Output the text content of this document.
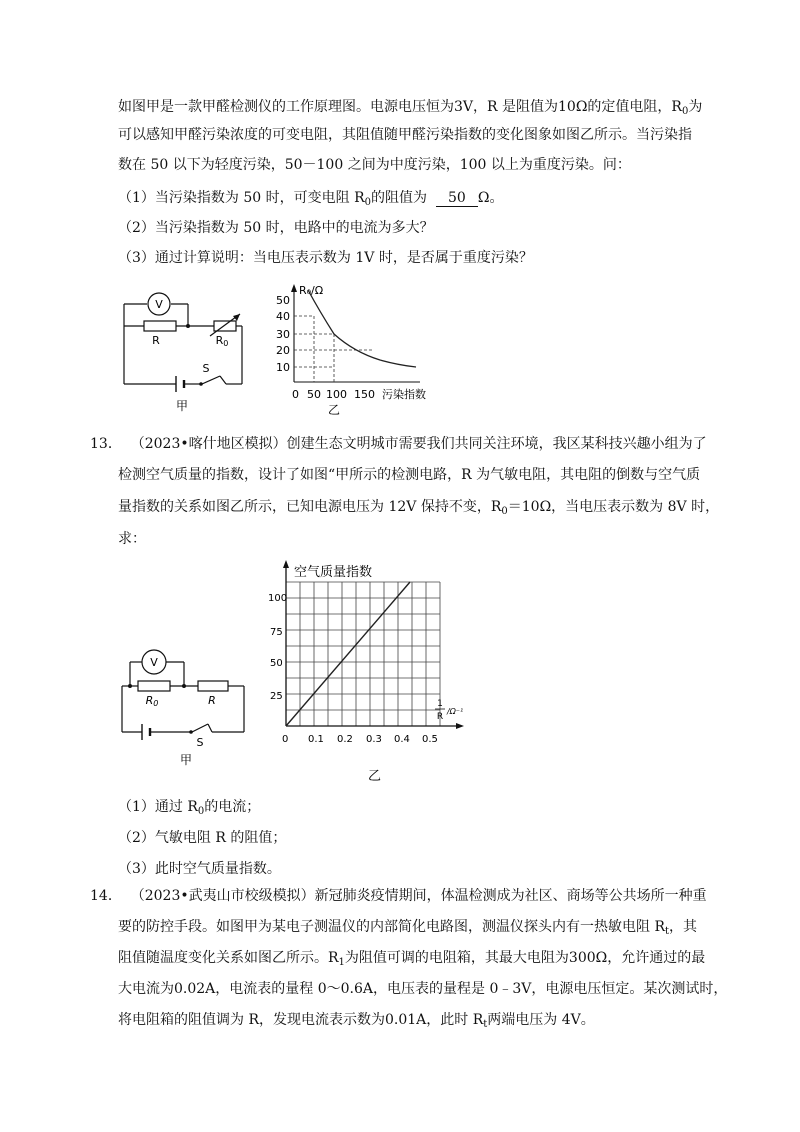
如图甲是一款甲醛检测仪的工作原理图。电源电压恒为3V，R 是阻值为10Ω的定值电阻，$R_0$为
可以感知甲醛污染浓度的可变电阻，其阻值随甲醛污染指数的变化图象如图乙所示。当污染指
数在 50 以下为轻度污染，50－100 之间为中度污染，100 以上为重度污染。问：
（1）当污染指数为 50 时，可变电阻 $R_0$的阻值为 50 Ω。
（2）当污染指数为 50 时，电路中的电流为多大？
（3）通过计算说明：当电压表示数为 1V 时，是否属于重度污染？
V
R	R0
S
甲
R₀/Ω
50
40
30
20
10
0 50 100 150 污染指数
乙
13． （2023•喀什地区模拟）创建生态文明城市需要我们共同关注环境，我区某科技兴趣小组为了
检测空气质量的指数，设计了如图“甲所示的检测电路，R 为气敏电阻，其电阻的倒数与空气质
量指数的关系如图乙所示，已知电源电压为 12V 保持不变，$R_0=10\Omega$，当电压表示数为 8V 时，
求：
V
R0	R
S
甲
空气质量指数
100
75
50
25
0 0.1 0.2 0.3 0.4 0.5
1
R
/Ω⁻¹
乙
（1）通过 $R_0$的电流；
（2）气敏电阻 R 的阻值；
（3）此时空气质量指数。
14． （2023•武夷山市校级模拟）新冠肺炎疫情期间，体温检测成为社区、商场等公共场所一种重
要的防控手段。如图甲为某电子测温仪的内部简化电路图，测温仪探头内有一热敏电阻 $R_t$，其
阻值随温度变化关系如图乙所示。$R_1$为阻值可调的电阻箱，其最大电阻为300Ω，允许通过的最
大电流为0.02A，电流表的量程 0～0.6A，电压表的量程是 0﹣3V，电源电压恒定。某次测试时，
将电阻箱的阻值调为 R，发现电流表示数为0.01A，此时 $R_t$两端电压为 4V。
